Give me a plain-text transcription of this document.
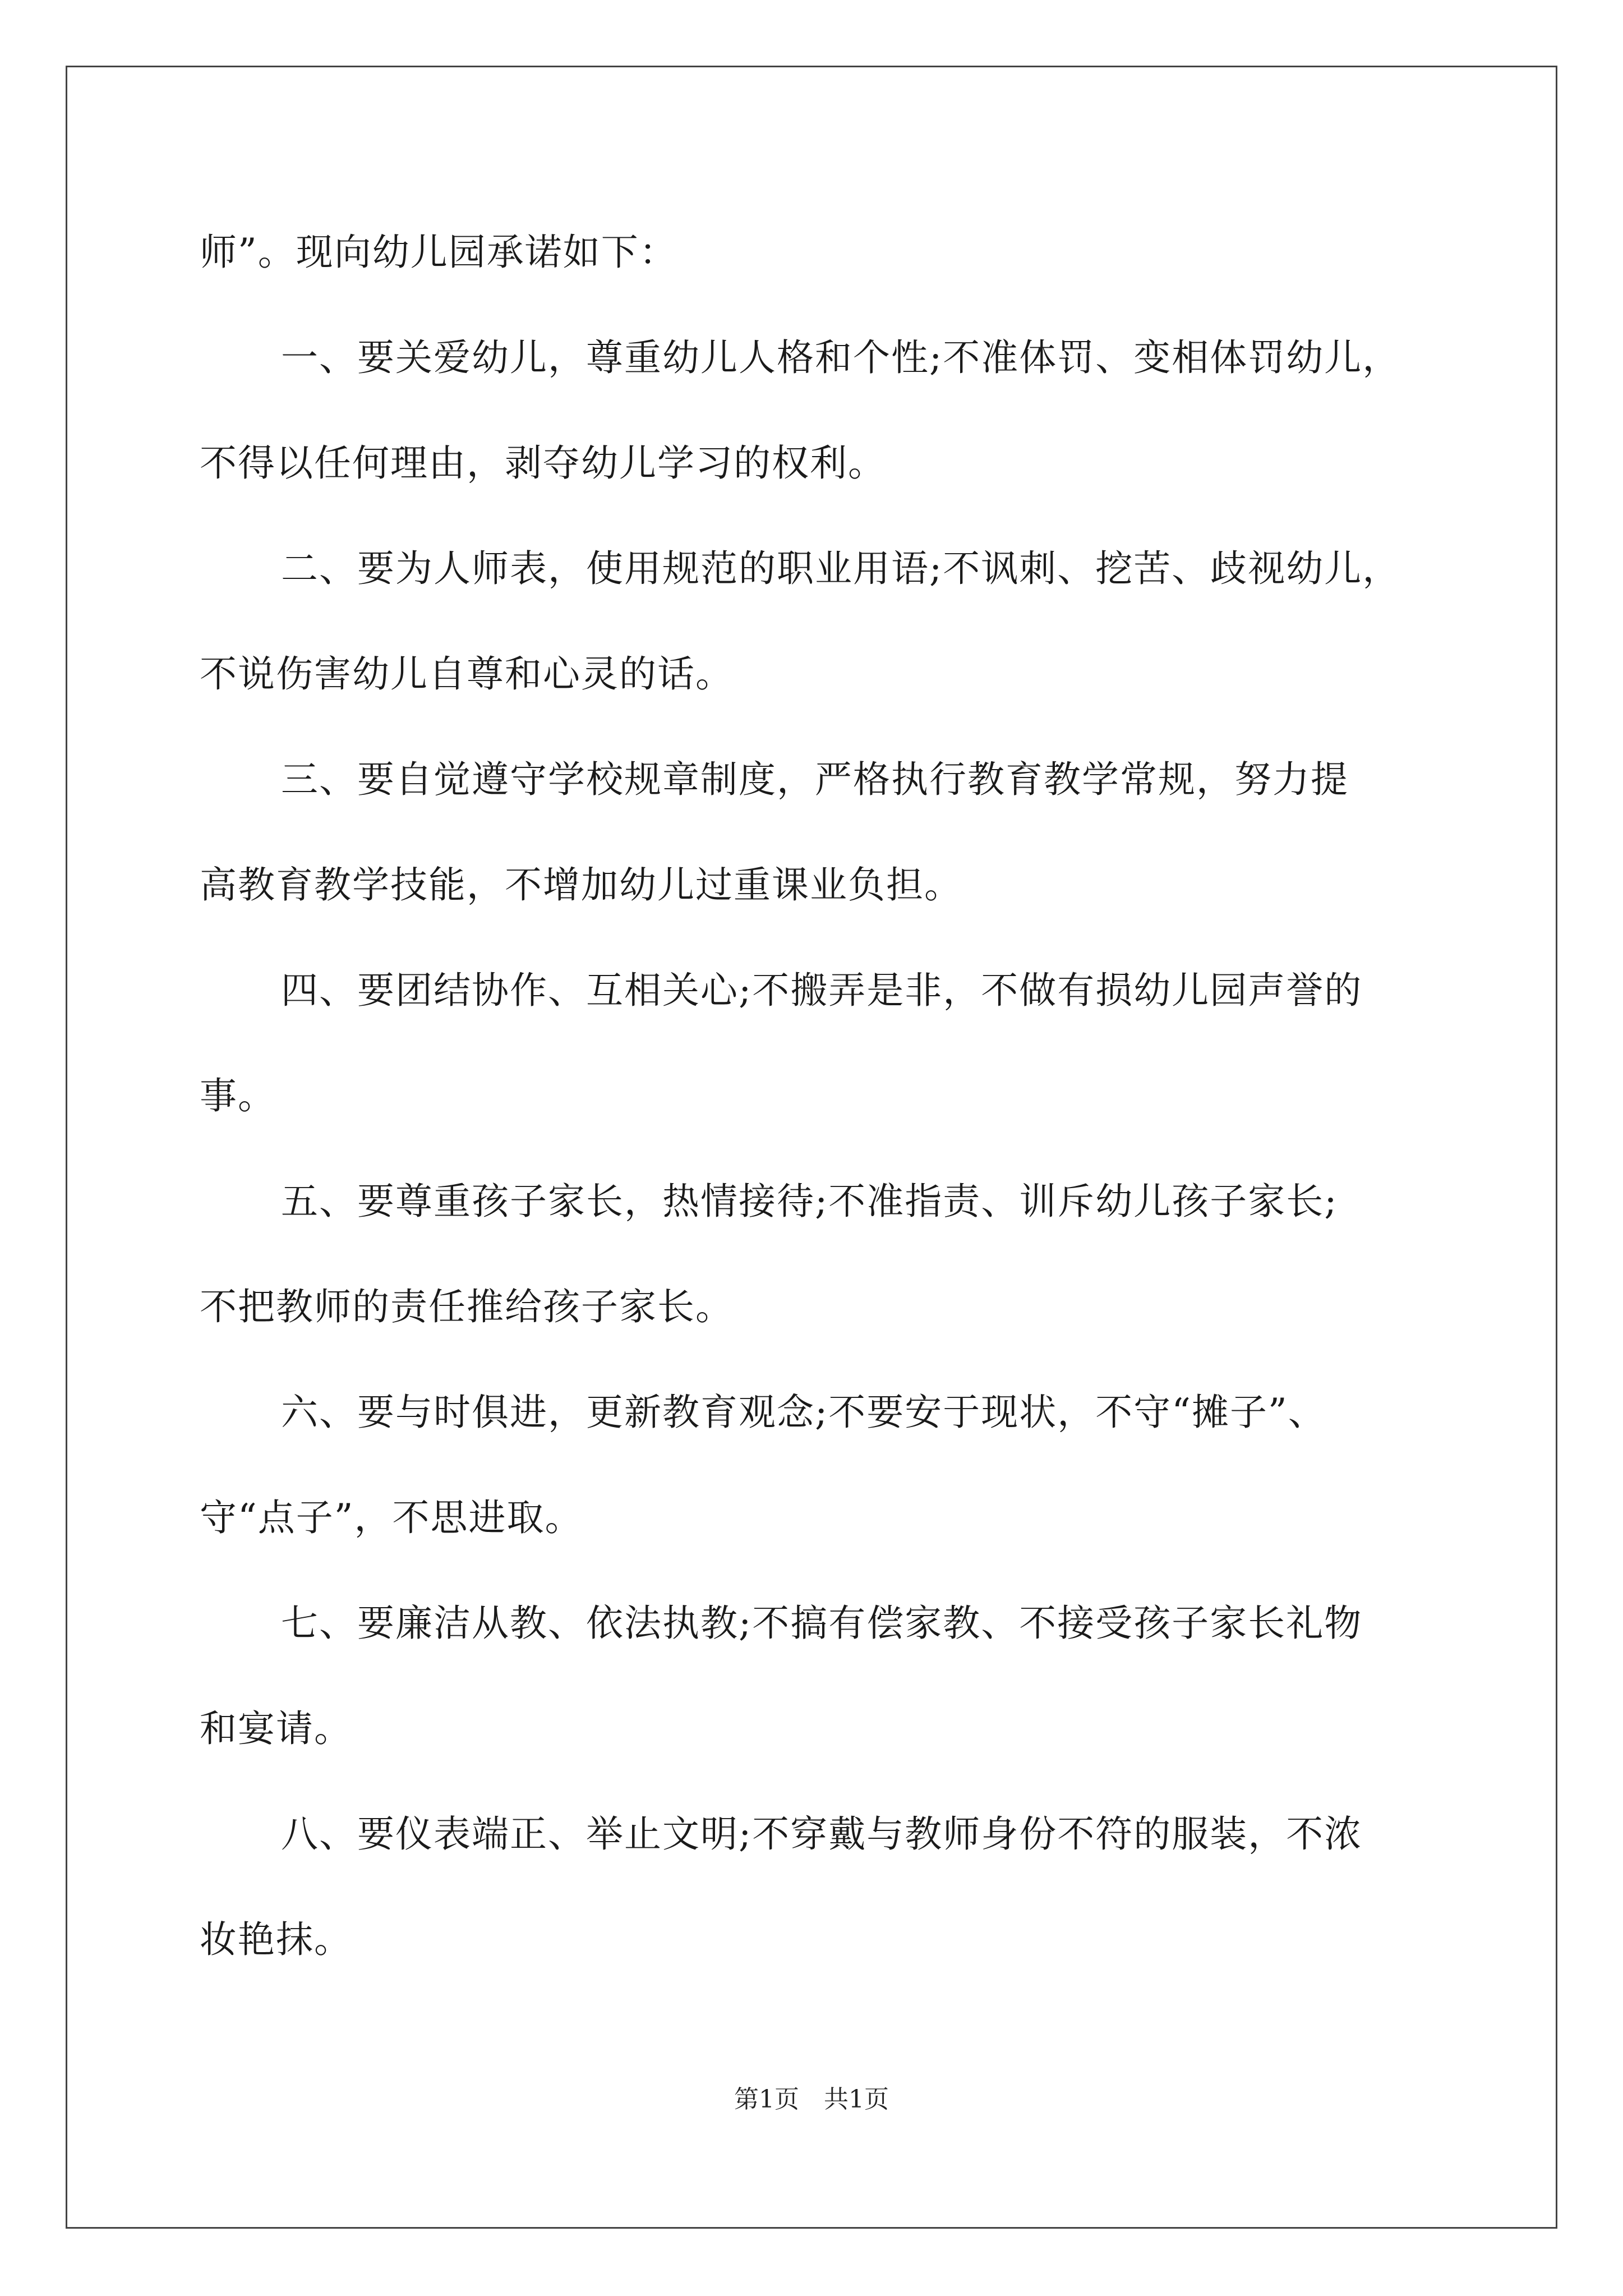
师”。现向幼儿园承诺如下：
一、要关爱幼儿，尊重幼儿人格和个性;不准体罚、变相体罚幼儿，
不得以任何理由，剥夺幼儿学习的权利。
二、要为人师表，使用规范的职业用语;不讽刺、挖苦、歧视幼儿，
不说伤害幼儿自尊和心灵的话。
三、要自觉遵守学校规章制度，严格执行教育教学常规，努力提
高教育教学技能，不增加幼儿过重课业负担。
四、要团结协作、互相关心;不搬弄是非，不做有损幼儿园声誉的
事。
五、要尊重孩子家长，热情接待;不准指责、训斥幼儿孩子家长;
不把教师的责任推给孩子家长。
六、要与时俱进，更新教育观念;不要安于现状，不守“摊子”、
守“点子”，不思进取。
七、要廉洁从教、依法执教;不搞有偿家教、不接受孩子家长礼物
和宴请。
八、要仪表端正、举止文明;不穿戴与教师身份不符的服装，不浓
妆艳抹。
第1页　共1页
